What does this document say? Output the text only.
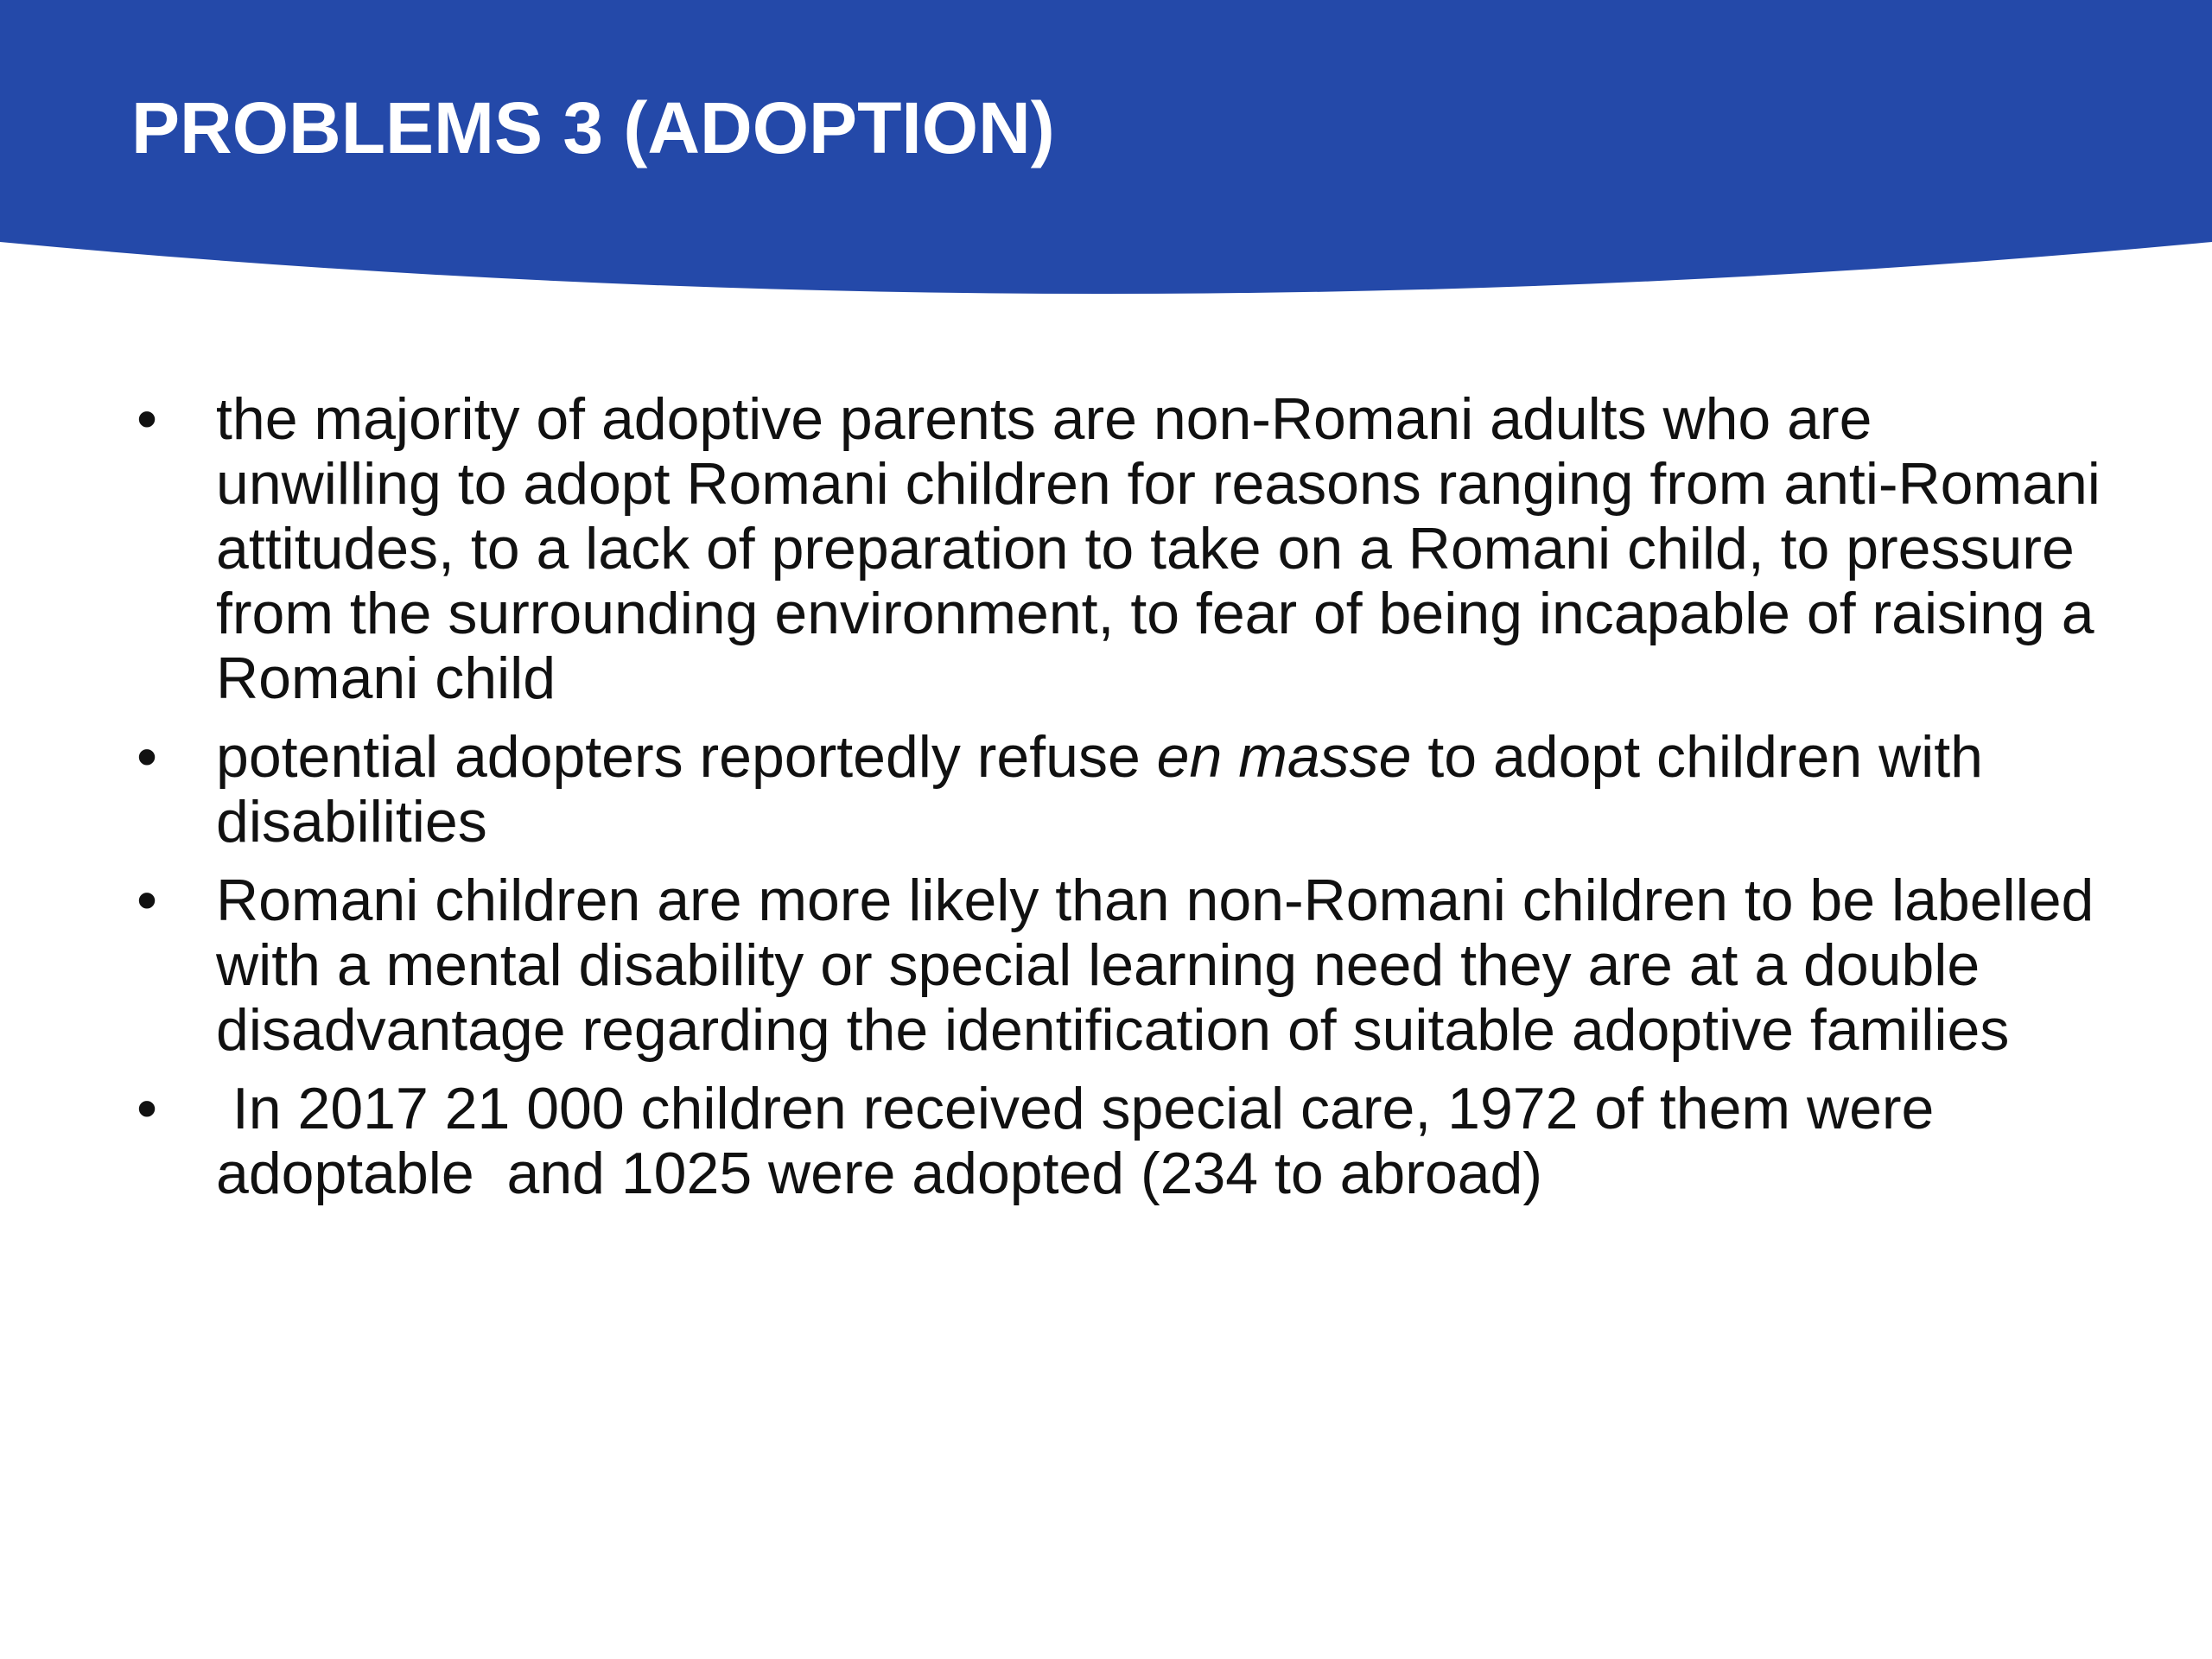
PROBLEMS 3 (ADOPTION)
• the majority of adoptive parents are non-Romani adults who are unwilling to adopt Romani children for reasons ranging from anti-Romani attitudes, to a lack of preparation to take on a Romani child, to pressure from the surrounding environment, to fear of being incapable of raising a Romani child
• potential adopters reportedly refuse en masse to adopt children with disabilities
• Romani children are more likely than non-Romani children to be labelled with a mental disability or special learning need they are at a double disadvantage regarding the identification of suitable adoptive families
• In 2017 21 000 children received special care, 1972 of them were adoptable  and 1025 were adopted (234 to abroad)
